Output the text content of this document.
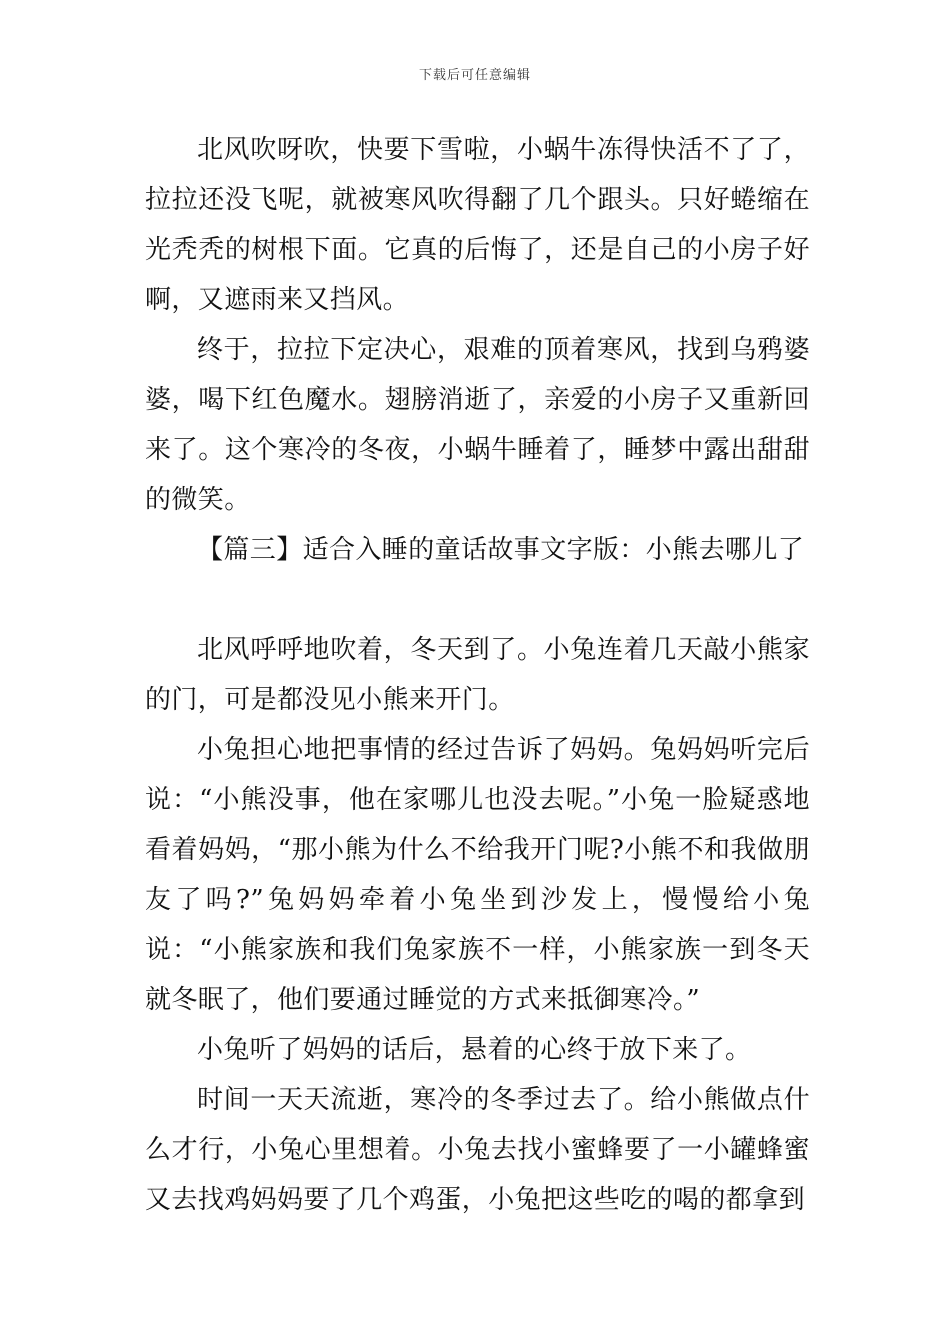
下载后可任意编辑

北风吹呀吹，快要下雪啦，小蜗牛冻得快活不了了，拉拉还没飞呢，就被寒风吹得翻了几个跟头。只好蜷缩在光秃秃的树根下面。它真的后悔了，还是自己的小房子好啊，又遮雨来又挡风。

终于，拉拉下定决心，艰难的顶着寒风，找到乌鸦婆婆，喝下红色魔水。翅膀消逝了，亲爱的小房子又重新回来了。这个寒冷的冬夜，小蜗牛睡着了，睡梦中露出甜甜的微笑。

【篇三】适合入睡的童话故事文字版：小熊去哪儿了

北风呼呼地吹着，冬天到了。小兔连着几天敲小熊家的门，可是都没见小熊来开门。

小兔担心地把事情的经过告诉了妈妈。兔妈妈听完后说：“小熊没事，他在家哪儿也没去呢。”小兔一脸疑惑地看着妈妈，“那小熊为什么不给我开门呢?小熊不和我做朋友了吗?”兔妈妈牵着小兔坐到沙发上，慢慢给小兔说：“小熊家族和我们兔家族不一样，小熊家族一到冬天就冬眠了，他们要通过睡觉的方式来抵御寒冷。”

小兔听了妈妈的话后，悬着的心终于放下来了。

时间一天天流逝，寒冷的冬季过去了。给小熊做点什么才行，小兔心里想着。小兔去找小蜜蜂要了一小罐蜂蜜又去找鸡妈妈要了几个鸡蛋，小兔把这些吃的喝的都拿到
